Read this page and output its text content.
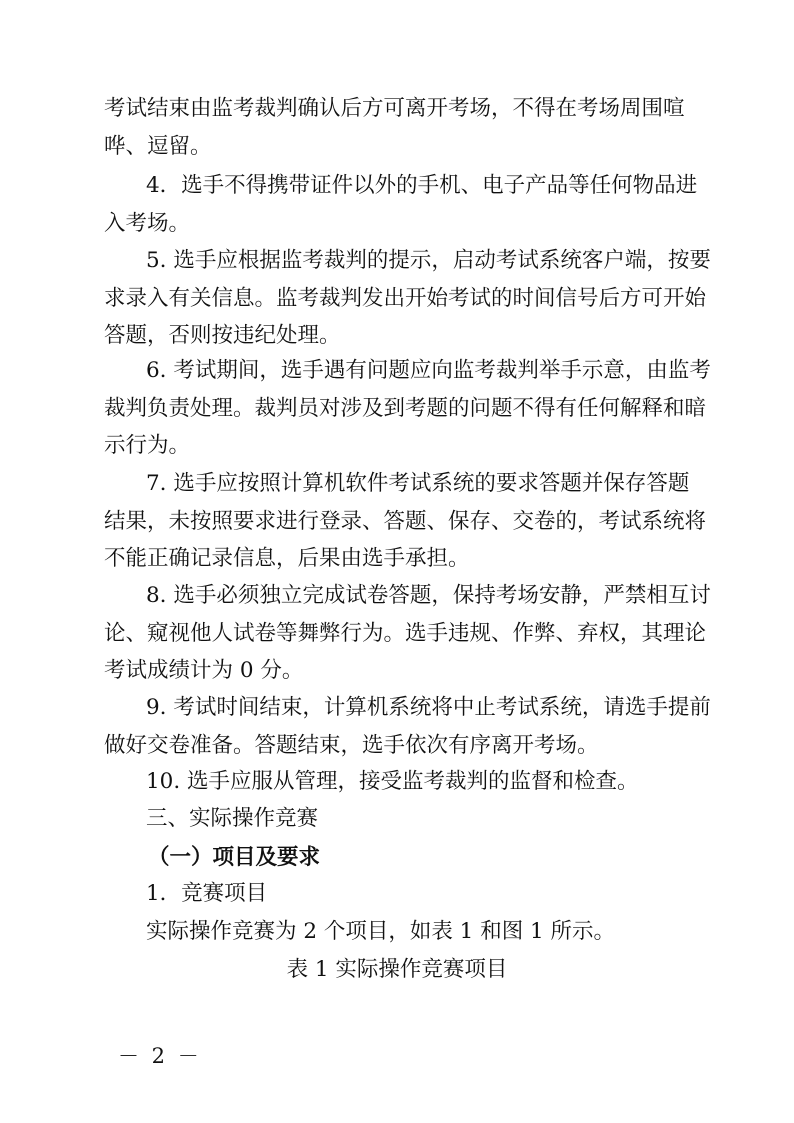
考试结束由监考裁判确认后方可离开考场，不得在考场周围喧
哗、逗留。
4．选手不得携带证件以外的手机、电子产品等任何物品进
入考场。
5. 选手应根据监考裁判的提示，启动考试系统客户端，按要
求录入有关信息。监考裁判发出开始考试的时间信号后方可开始
答题，否则按违纪处理。
6. 考试期间，选手遇有问题应向监考裁判举手示意，由监考
裁判负责处理。裁判员对涉及到考题的问题不得有任何解释和暗
示行为。
7. 选手应按照计算机软件考试系统的要求答题并保存答题
结果，未按照要求进行登录、答题、保存、交卷的，考试系统将
不能正确记录信息，后果由选手承担。
8. 选手必须独立完成试卷答题，保持考场安静，严禁相互讨
论、窥视他人试卷等舞弊行为。选手违规、作弊、弃权，其理论
考试成绩计为 0 分。
9. 考试时间结束，计算机系统将中止考试系统，请选手提前
做好交卷准备。答题结束，选手依次有序离开考场。
10. 选手应服从管理，接受监考裁判的监督和检查。
三、实际操作竞赛
（一）项目及要求
1．竞赛项目
实际操作竞赛为 2 个项目，如表 1 和图 1 所示。
表 1 实际操作竞赛项目
－ 2 －
